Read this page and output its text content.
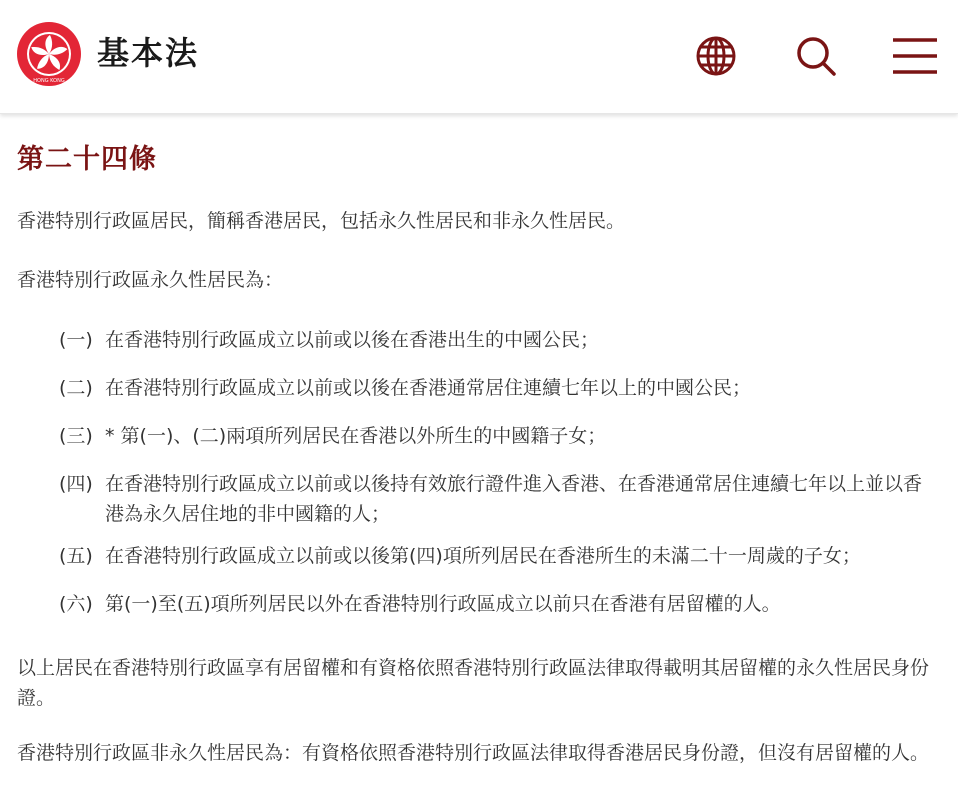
HONG KONG
基本法
第二十四條
香港特別行政區居民，簡稱香港居民，包括永久性居民和非永久性居民。
香港特別行政區永久性居民為：
(一) 在香港特別行政區成立以前或以後在香港出生的中國公民；
(二) 在香港特別行政區成立以前或以後在香港通常居住連續七年以上的中國公民；
(三) * 第(一)、(二)兩項所列居民在香港以外所生的中國籍子女；
(四) 在香港特別行政區成立以前或以後持有效旅行證件進入香港、在香港通常居住連續七年以上並以香港為永久居住地的非中國籍的人；
(五) 在香港特別行政區成立以前或以後第(四)項所列居民在香港所生的未滿二十一周歲的子女；
(六) 第(一)至(五)項所列居民以外在香港特別行政區成立以前只在香港有居留權的人。
以上居民在香港特別行政區享有居留權和有資格依照香港特別行政區法律取得載明其居留權的永久性居民身份證。
香港特別行政區非永久性居民為：有資格依照香港特別行政區法律取得香港居民身份證，但沒有居留權的人。
